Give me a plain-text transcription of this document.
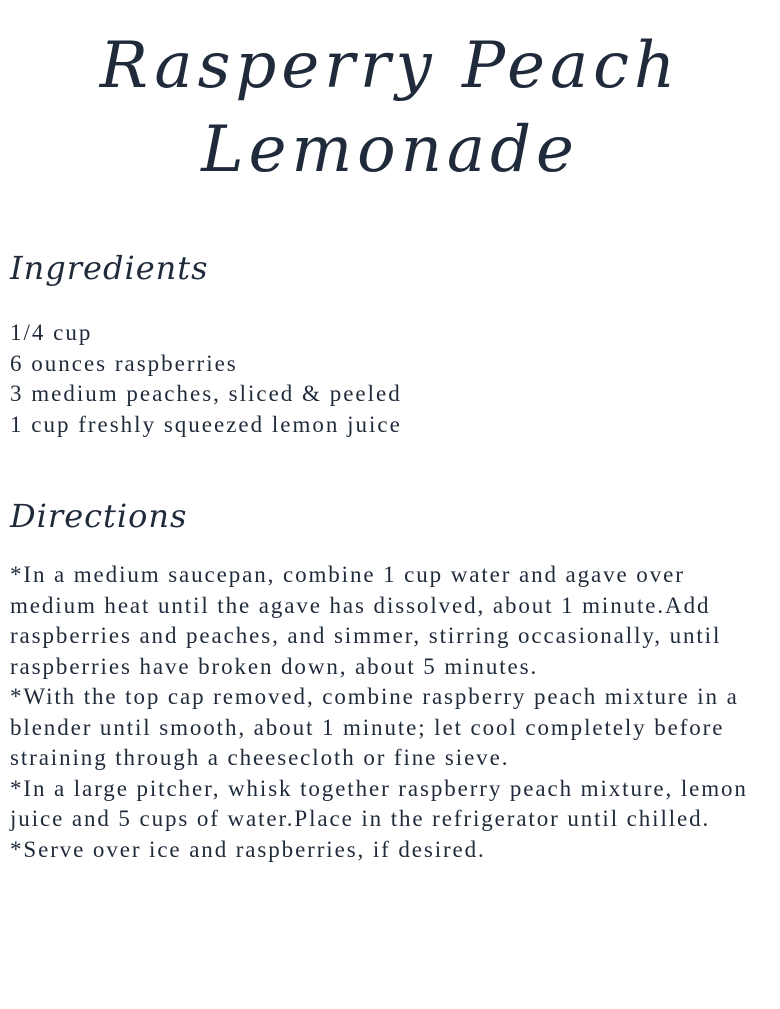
Rasperry Peach
Lemonade
Ingredients
1/4 cup
6 ounces raspberries
3 medium peaches, sliced & peeled
1 cup freshly squeezed lemon juice
Directions

*In a medium saucepan, combine 1 cup water and agave over medium heat until the agave has dissolved, about 1 minute.Add raspberries and peaches, and simmer, stirring occasionally, until raspberries have broken down, about 5 minutes.

*With the top cap removed, combine raspberry peach mixture in a blender until smooth, about 1 minute; let cool completely before straining through a cheesecloth or fine sieve.

*In a large pitcher, whisk together raspberry peach mixture, lemon juice and 5 cups of water.Place in the refrigerator until chilled.

*Serve over ice and raspberries, if desired.
